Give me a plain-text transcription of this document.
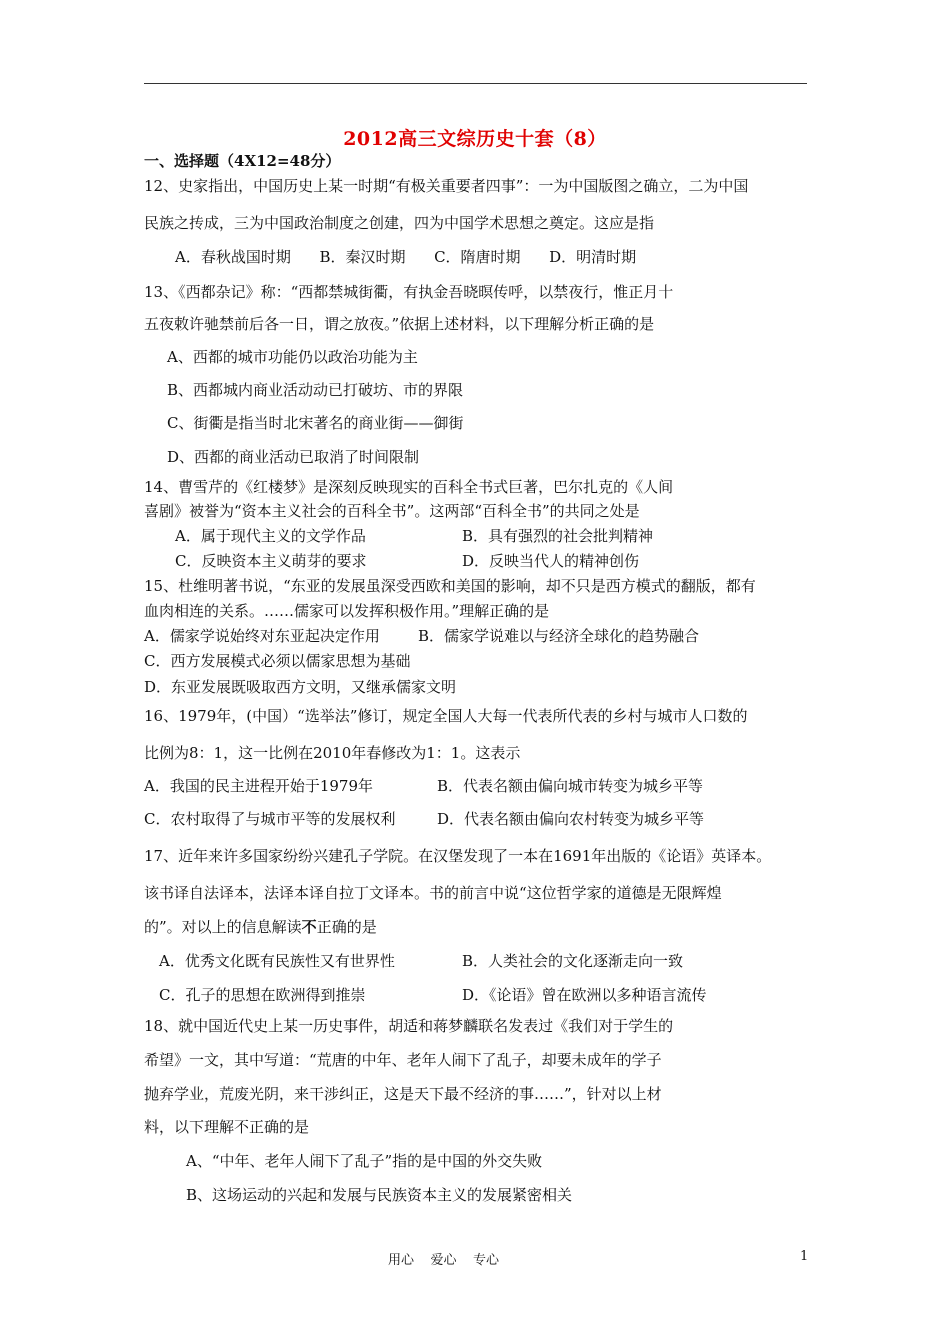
2012高三文综历史十套（8）
一、选择题（4X12=48分）
12、史家指出，中国历史上某一时期“有极关重要者四事”：一为中国版图之确立，二为中国
民族之抟成，三为中国政治制度之创建，四为中国学术思想之奠定。这应是指
A．春秋战国时期      B．秦汉时期      C．隋唐时期      D．明清时期
13、《西都杂记》称：“西都禁城街衢，有执金吾晓暝传呼，以禁夜行，惟正月十
五夜敕许驰禁前后各一日，谓之放夜。”依据上述材料，以下理解分析正确的是
A、西都的城市功能仍以政治功能为主
B、西都城内商业活动动已打破坊、市的界限
C、街衢是指当时北宋著名的商业街——御街
D、西都的商业活动已取消了时间限制
14、曹雪芹的《红楼梦》是深刻反映现实的百科全书式巨著，巴尔扎克的《人间
喜剧》被誉为“资本主义社会的百科全书”。这两部“百科全书”的共同之处是
A．属于现代主义的文学作品	B．具有强烈的社会批判精神
C．反映资本主义萌芽的要求	D．反映当代人的精神创伤
15、杜维明著书说，“东亚的发展虽深受西欧和美国的影响，却不只是西方模式的翻版，都有
血肉相连的关系。……儒家可以发挥积极作用。”理解正确的是
A．儒家学说始终对东亚起决定作用	B．儒家学说难以与经济全球化的趋势融合
C．西方发展模式必须以儒家思想为基础
D．东亚发展既吸取西方文明，又继承儒家文明
16、1979年，(中国）“选举法”修订，规定全国人大每一代表所代表的乡村与城市人口数的
比例为8：1，这一比例在2010年春修改为1：1。这表示
A．我国的民主进程开始于1979年	B．代表名额由偏向城市转变为城乡平等
C．农村取得了与城市平等的发展权利	D．代表名额由偏向农村转变为城乡平等
17、近年来许多国家纷纷兴建孔子学院。在汉堡发现了一本在1691年出版的《论语》英译本。
该书译自法译本，法译本译自拉丁文译本。书的前言中说“这位哲学家的道德是无限辉煌
的”。对以上的信息解读不正确的是
A．优秀文化既有民族性又有世界性	B．人类社会的文化逐渐走向一致
C．孔子的思想在欧洲得到推崇	D．《论语》曾在欧洲以多种语言流传
18、就中国近代史上某一历史事件，胡适和蒋梦麟联名发表过《我们对于学生的
希望》一文，其中写道：“荒唐的中年、老年人闹下了乱子，却要未成年的学子
抛弃学业，荒废光阴，来干涉纠正，这是天下最不经济的事……”，针对以上材
料，以下理解不正确的是
A、“中年、老年人闹下了乱子”指的是中国的外交失败
B、这场运动的兴起和发展与民族资本主义的发展紧密相关
用心    爱心    专心	1
